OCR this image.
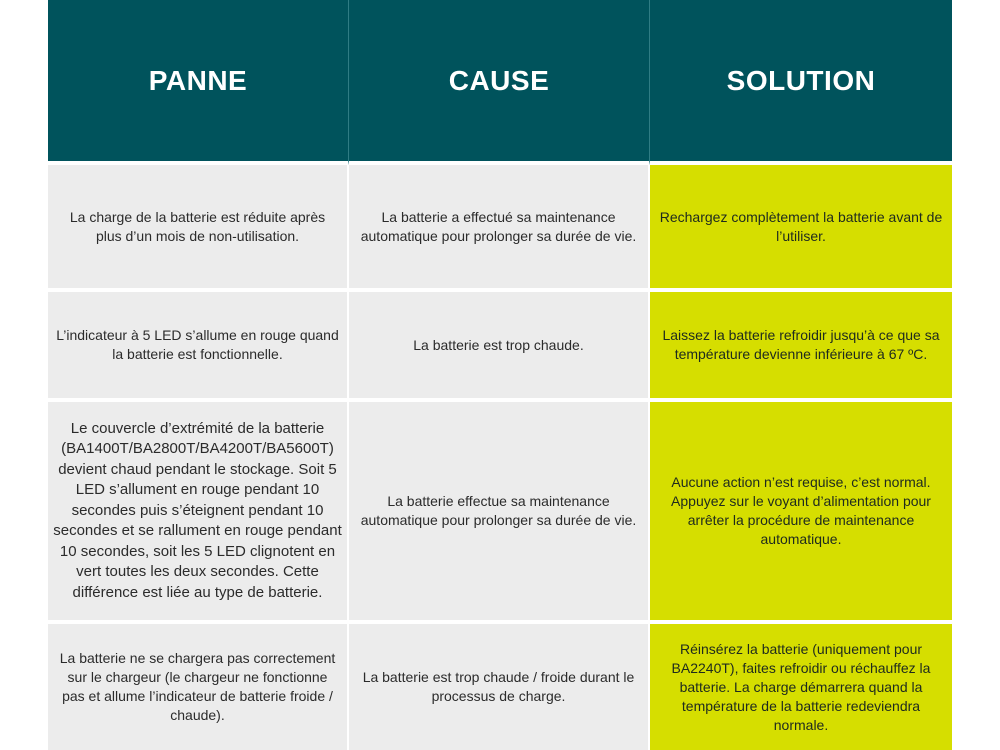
PANNE	CAUSE	SOLUTION
La charge de la batterie est réduite après plus d’un mois de non-utilisation.
La batterie a effectué sa maintenance automatique pour prolonger sa durée de vie.
Rechargez complètement la batterie avant de l’utiliser.
L’indicateur à 5 LED s’allume en rouge quand la batterie est fonctionnelle.
La batterie est trop chaude.
Laissez la batterie refroidir jusqu’à ce que sa température devienne inférieure à 67 ºC.
Le couvercle d’extrémité de la batterie (BA1400T/BA2800T/BA4200T/BA5600T) devient chaud pendant le stockage. Soit 5 LED s’allument en rouge pendant 10 secondes puis s’éteignent pendant 10 secondes et se rallument en rouge pendant 10 secondes, soit les 5 LED clignotent en vert toutes les deux secondes. Cette différence est liée au type de batterie.
La batterie effectue sa maintenance automatique pour prolonger sa durée de vie.
Aucune action n’est requise, c’est normal. Appuyez sur le voyant d’alimentation pour arrêter la procédure de maintenance automatique.
La batterie ne se chargera pas correctement sur le chargeur (le chargeur ne fonctionne pas et allume l’indicateur de batterie froide / chaude).
La batterie est trop chaude / froide durant le processus de charge.
Réinsérez la batterie (uniquement pour BA2240T), faites refroidir ou réchauffez la batterie. La charge démarrera quand la température de la batterie redeviendra normale.
